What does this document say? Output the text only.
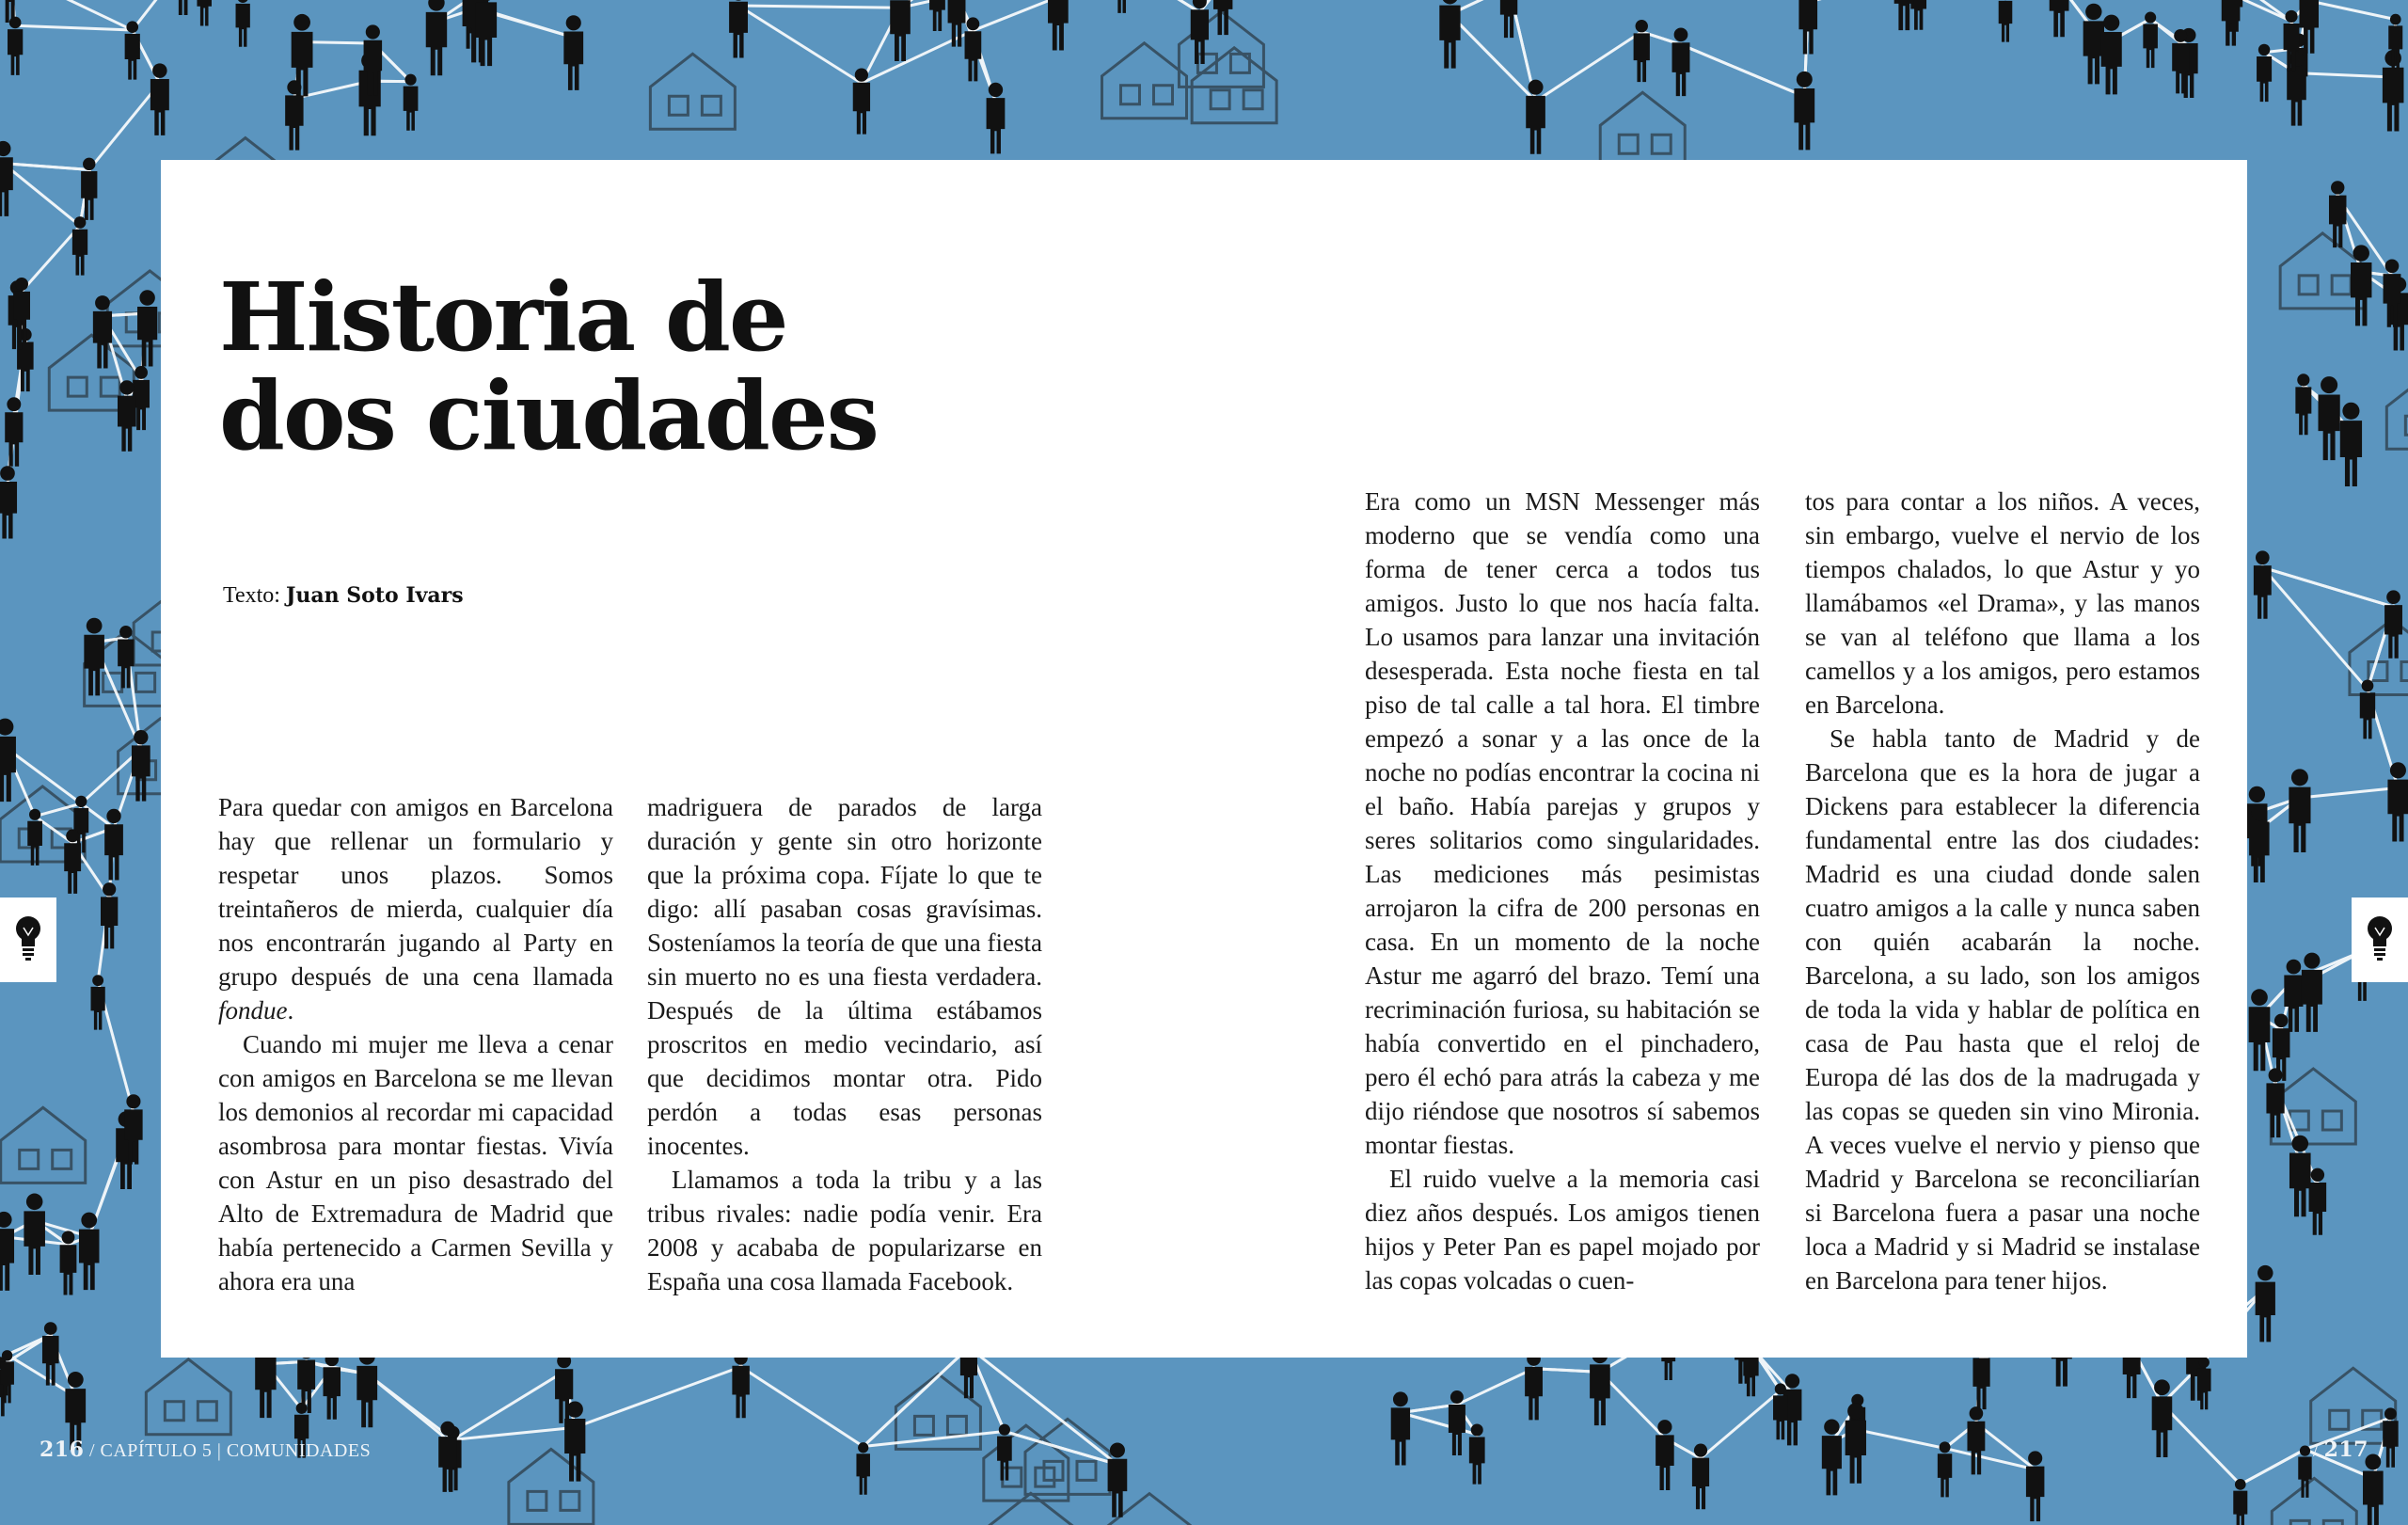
Historia de
dos ciudades
Texto: Juan Soto Ivars

Para quedar con amigos en Barcelona hay que rellenar un formulario y respetar unos plazos. Somos treintañeros de mierda, cualquier día nos encontrarán jugando al Party en grupo después de una cena llamada fondue.

Cuando mi mujer me lleva a cenar con amigos en Barcelona se me llevan los demonios al recordar mi capacidad asombrosa para montar fiestas. Vivía con Astur en un piso desastrado del Alto de Extremadura de Madrid que había pertenecido a Carmen Sevilla y ahora era una

madriguera de parados de larga duración y gente sin otro horizonte que la próxima copa. Fíjate lo que te digo: allí pasaban cosas gravísimas. Sosteníamos la teoría de que una fiesta sin muerto no es una fiesta verdadera. Después de la última estábamos proscritos en medio vecindario, así que decidimos montar otra. Pido perdón a todas esas personas inocentes.

Llamamos a toda la tribu y a las tribus rivales: nadie podía venir. Era 2008 y acababa de popularizarse en España una cosa llamada Facebook.

Era como un MSN Messenger más moderno que se vendía como una forma de tener cerca a todos tus amigos. Justo lo que nos hacía falta. Lo usamos para lanzar una invitación desesperada. Esta noche fiesta en tal piso de tal calle a tal hora. El timbre empezó a sonar y a las once de la noche no podías encontrar la cocina ni el baño. Había parejas y grupos y seres solitarios como singularidades. Las mediciones más pesimistas arrojaron la cifra de 200 personas en casa. En un momento de la noche Astur me agarró del brazo. Temí una recriminación furiosa, su habitación se había convertido en el pinchadero, pero él echó para atrás la cabeza y me dijo riéndose que nosotros sí sabemos montar fiestas.

El ruido vuelve a la memoria casi diez años después. Los amigos tienen hijos y Peter Pan es papel mojado por las copas volcadas o cuen-

tos para contar a los niños. A veces, sin embargo, vuelve el nervio de los tiempos chalados, lo que Astur y yo llamábamos «el Drama», y las manos se van al teléfono que llama a los camellos y a los amigos, pero estamos en Barcelona.

Se habla tanto de Madrid y de Barcelona que es la hora de jugar a Dickens para establecer la diferencia fundamental entre las dos ciudades: Madrid es una ciudad donde salen cuatro amigos a la calle y nunca saben con quién acabarán la noche. Barcelona, a su lado, son los amigos de toda la vida y hablar de política en casa de Pau hasta que el reloj de Europa dé las dos de la madrugada y las copas se queden sin vino Mironia. A veces vuelve el nervio y pienso que Madrid y Barcelona se reconciliarían si Barcelona fuera a pasar una noche loca a Madrid y si Madrid se instalase en Barcelona para tener hijos.

216 / CAPÍTULO 5 | COMUNIDADES	/ 217
